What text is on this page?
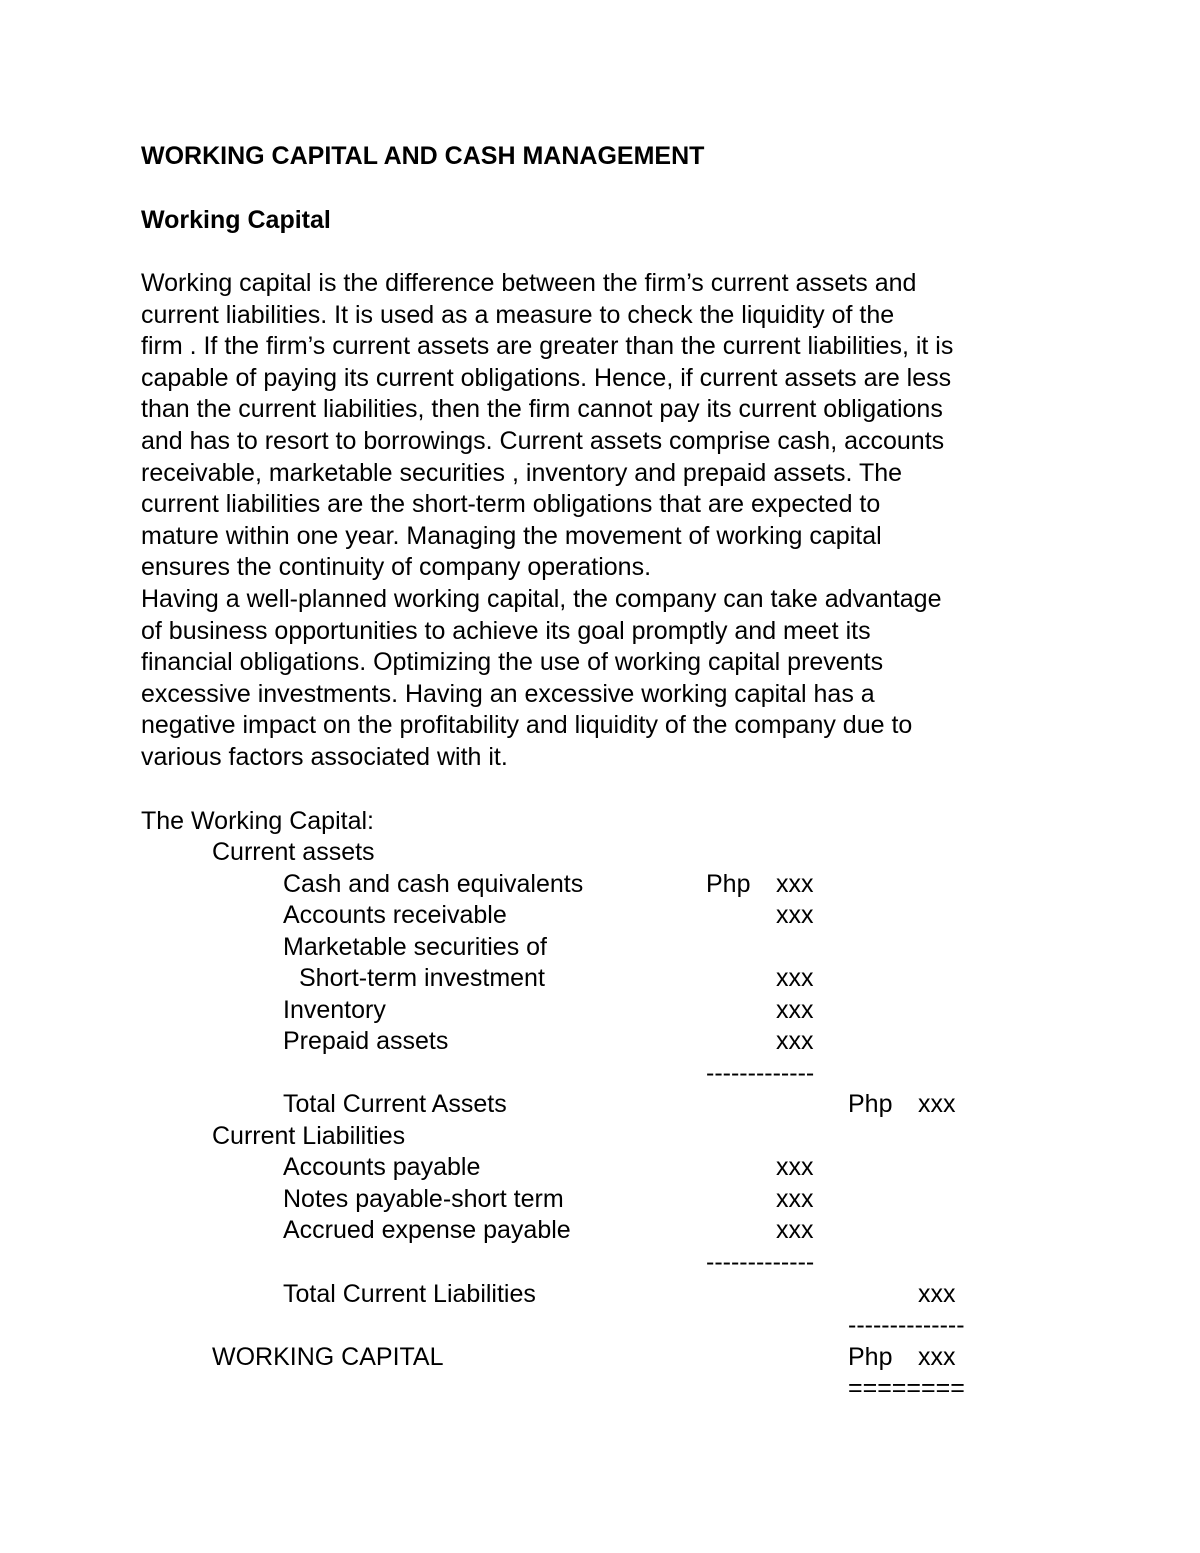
WORKING CAPITAL AND CASH MANAGEMENT
Working Capital
Working capital is the difference between the firm’s current assets and
current liabilities. It is used as a measure to check the liquidity of the
firm . If the firm’s current assets are greater than the current liabilities, it is
capable of paying its current obligations. Hence, if current assets are less
than the current liabilities, then the firm cannot pay its current obligations
and has to resort to borrowings. Current assets comprise cash, accounts
receivable, marketable securities , inventory and prepaid assets. The
current liabilities are the short-term obligations that are expected to
mature within one year. Managing the movement of working capital
ensures the continuity of company operations.
Having a well-planned working capital, the company can take advantage
of business opportunities to achieve its goal promptly and meet its
financial obligations. Optimizing the use of working capital prevents
excessive investments. Having an excessive working capital has a
negative impact on the profitability and liquidity of the company due to
various factors associated with it.
The Working Capital:
Current assets
Cash and cash equivalents	Php xxx
Accounts receivable	xxx
Marketable securities of
Short-term investment	xxx
Inventory	xxx
Prepaid assets	xxx
-------------
Total Current Assets	Php xxx
Current Liabilities
Accounts payable	xxx
Notes payable-short term	xxx
Accrued expense payable	xxx
-------------
Total Current Liabilities	xxx
--------------
WORKING CAPITAL	Php xxx
========
